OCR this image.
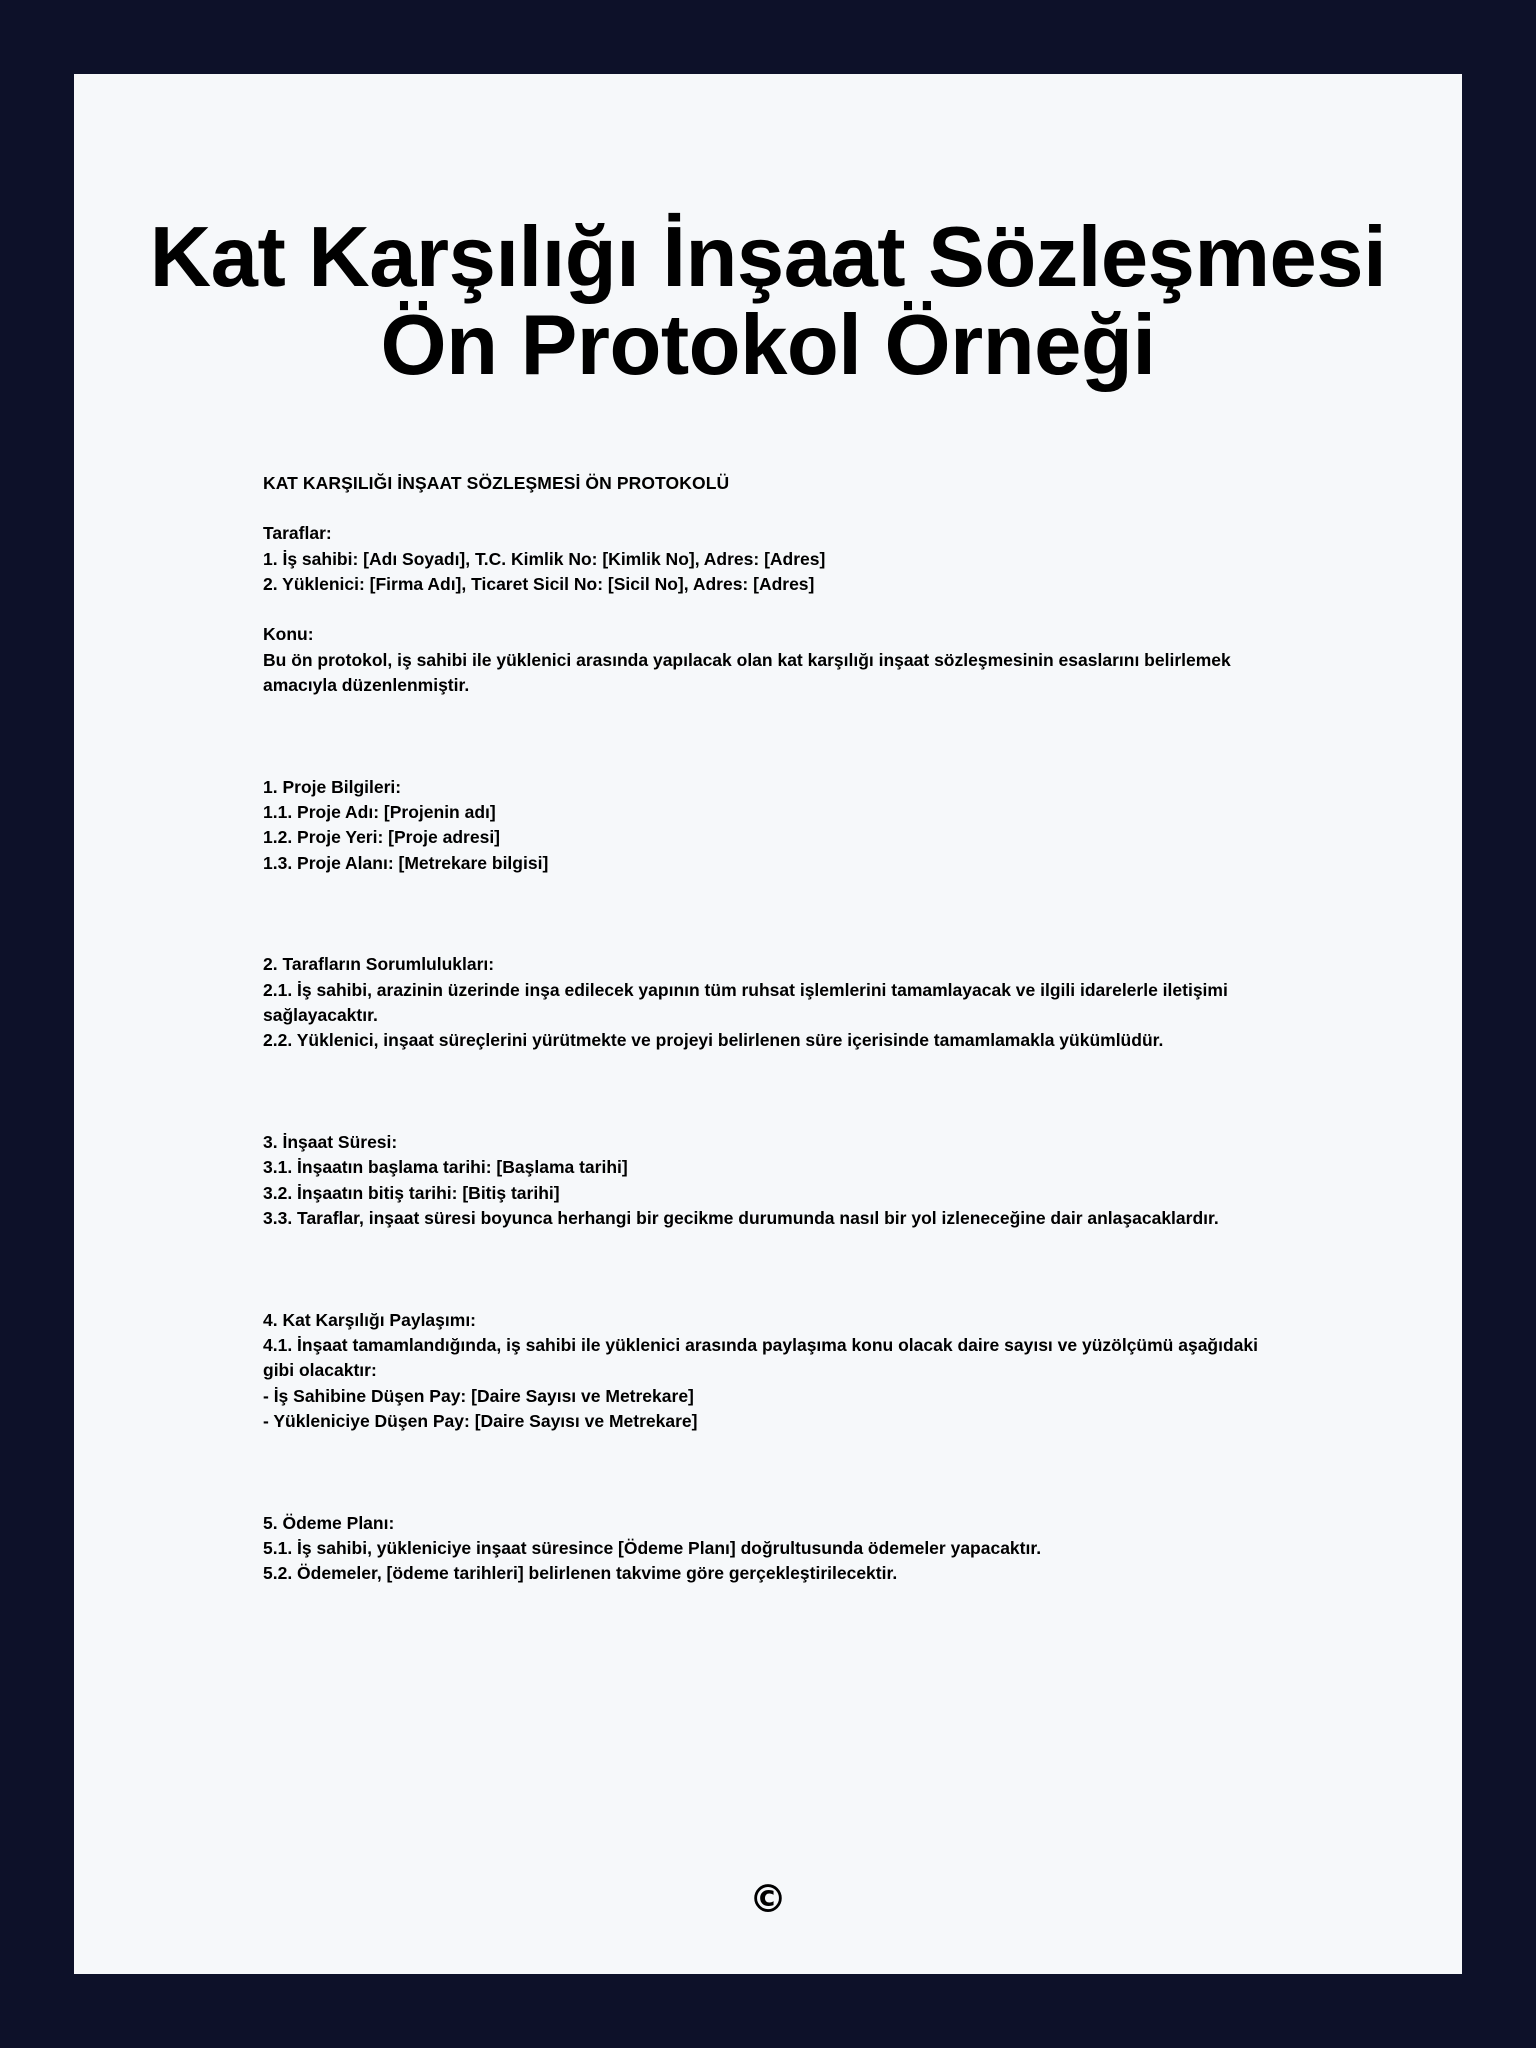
Kat Karşılığı İnşaat Sözleşmesi Ön Protokol Örneği
KAT KARŞILIĞI İNŞAAT SÖZLEŞMESİ ÖN PROTOKOLÜ
Taraflar:
1. İş sahibi: [Adı Soyadı], T.C. Kimlik No: [Kimlik No], Adres: [Adres]
2. Yüklenici: [Firma Adı], Ticaret Sicil No: [Sicil No], Adres: [Adres]
Konu:
Bu ön protokol, iş sahibi ile yüklenici arasında yapılacak olan kat karşılığı inşaat sözleşmesinin esaslarını belirlemek amacıyla düzenlenmiştir.
1. Proje Bilgileri:
1.1. Proje Adı: [Projenin adı]
1.2. Proje Yeri: [Proje adresi]
1.3. Proje Alanı: [Metrekare bilgisi]
2. Tarafların Sorumlulukları:
2.1. İş sahibi, arazinin üzerinde inşa edilecek yapının tüm ruhsat işlemlerini tamamlayacak ve ilgili idarelerle iletişimi sağlayacaktır.
2.2. Yüklenici, inşaat süreçlerini yürütmekte ve projeyi belirlenen süre içerisinde tamamlamakla yükümlüdür.
3. İnşaat Süresi:
3.1. İnşaatın başlama tarihi: [Başlama tarihi]
3.2. İnşaatın bitiş tarihi: [Bitiş tarihi]
3.3. Taraflar, inşaat süresi boyunca herhangi bir gecikme durumunda nasıl bir yol izleneceğine dair anlaşacaklardır.
4. Kat Karşılığı Paylaşımı:
4.1. İnşaat tamamlandığında, iş sahibi ile yüklenici arasında paylaşıma konu olacak daire sayısı ve yüzölçümü aşağıdaki gibi olacaktır:
- İş Sahibine Düşen Pay: [Daire Sayısı ve Metrekare]
- Yükleniciye Düşen Pay: [Daire Sayısı ve Metrekare]
5. Ödeme Planı:
5.1. İş sahibi, yükleniciye inşaat süresince [Ödeme Planı] doğrultusunda ödemeler yapacaktır.
5.2. Ödemeler, [ödeme tarihleri] belirlenen takvime göre gerçekleştirilecektir.
©
